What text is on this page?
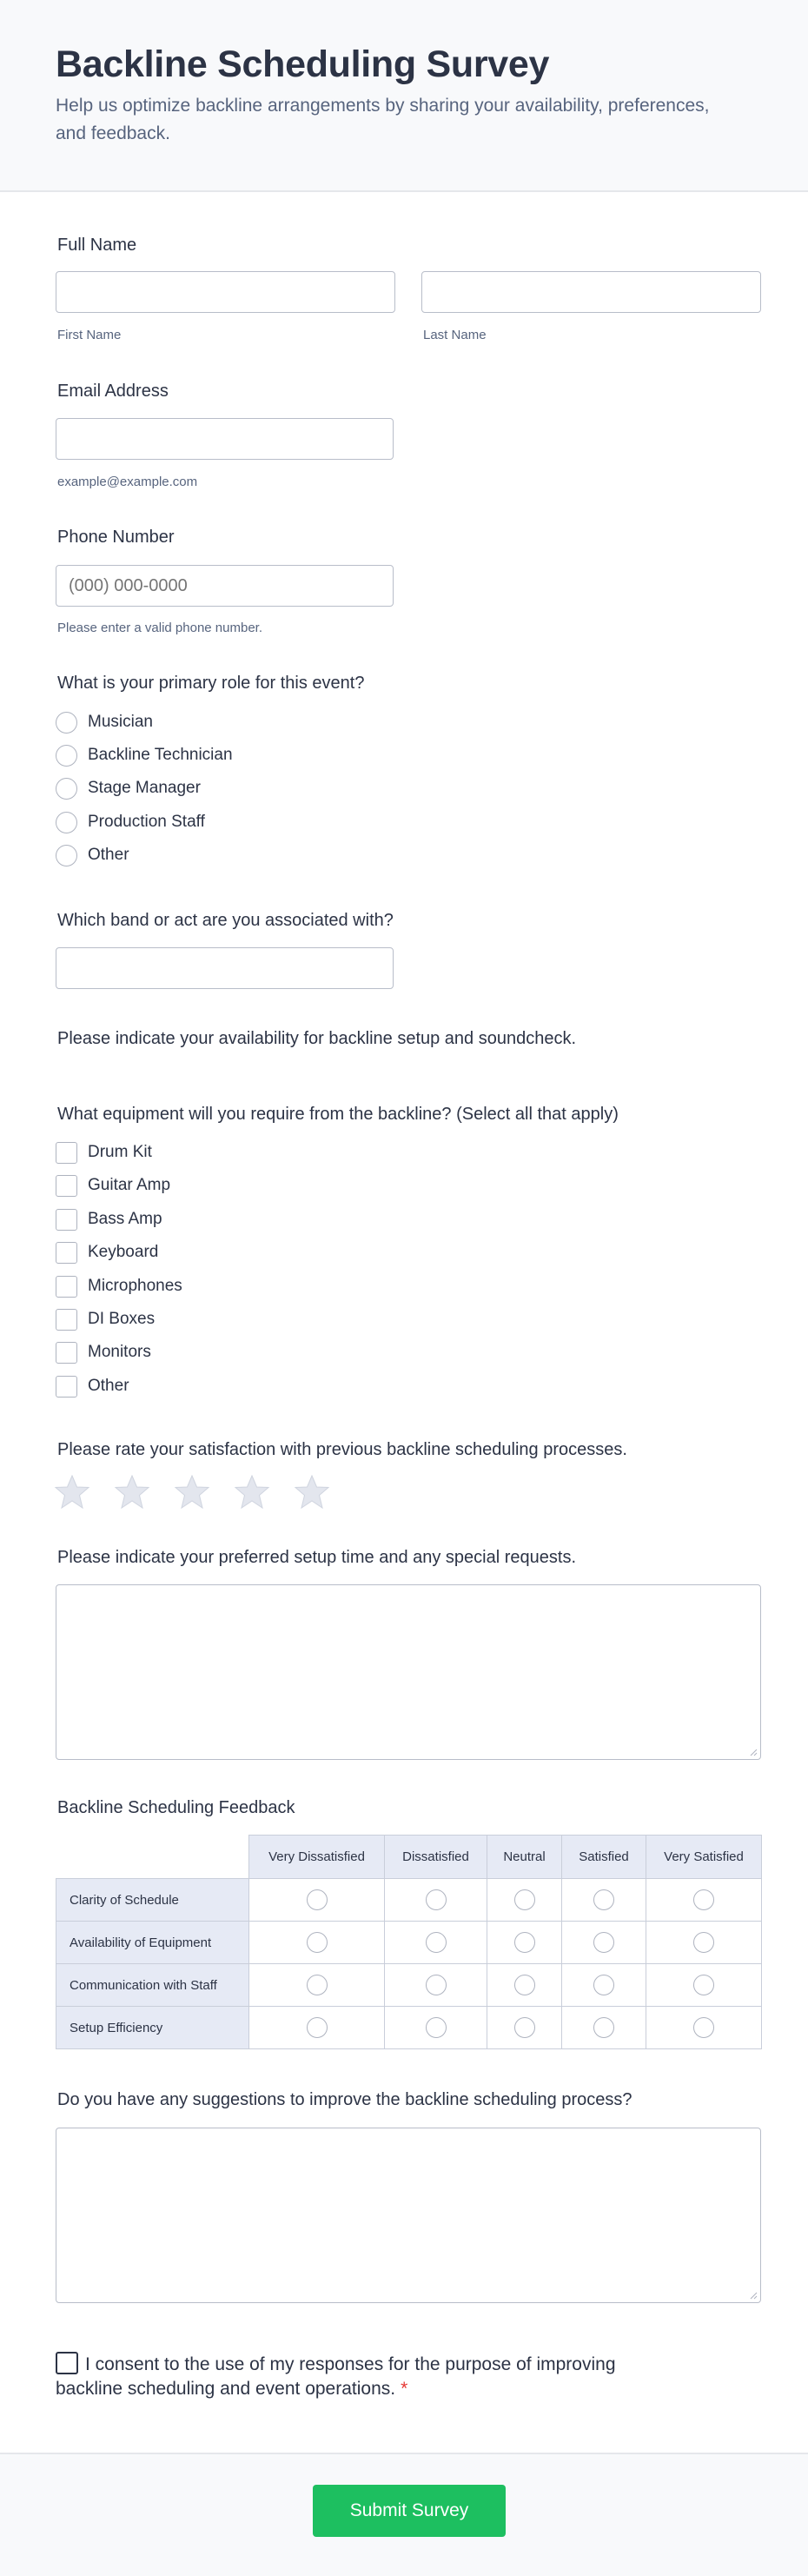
Backline Scheduling Survey

Help us optimize backline arrangements by sharing your availability, preferences, and feedback.

Full Name
First Name	Last Name
Email Address
example@example.com
Phone Number
(000) 000-0000
Please enter a valid phone number.
What is your primary role for this event?
Musician
Backline Technician
Stage Manager
Production Staff
Other
Which band or act are you associated with?
Please indicate your availability for backline setup and soundcheck.
What equipment will you require from the backline? (Select all that apply)
Drum Kit
Guitar Amp
Bass Amp
Keyboard
Microphones
DI Boxes
Monitors
Other
Please rate your satisfaction with previous backline scheduling processes.
Please indicate your preferred setup time and any special requests.
Backline Scheduling Feedback
	Very Dissatisfied	Dissatisfied	Neutral	Satisfied	Very Satisfied
Clarity of Schedule					
Availability of Equipment					
Communication with Staff					
Setup Efficiency					
Do you have any suggestions to improve the backline scheduling process?
I consent to the use of my responses for the purpose of improving backline scheduling and event operations. *
Submit Survey
